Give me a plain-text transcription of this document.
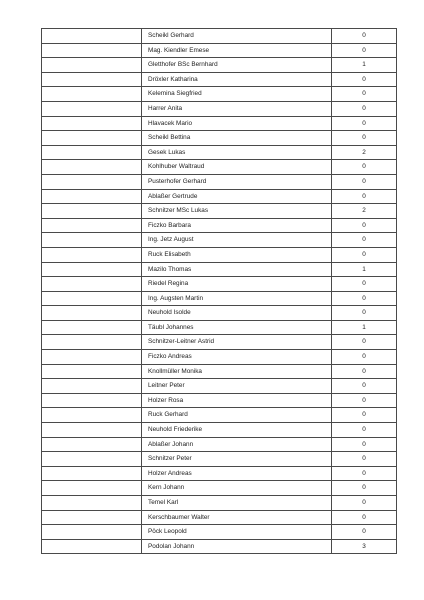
	Scheikl Gerhard	0
	Mag. Kiendler Emese	0
	Gletthofer BSc Bernhard	1
	Dröxler Katharina	0
	Kelemina Siegfried	0
	Harrer Anita	0
	Hlavacek Mario	0
	Scheikl Bettina	0
	Gesek Lukas	2
	Kohlhuber Waltraud	0
	Pusterhofer Gerhard	0
	Ablaßer Gertrude	0
	Schnitzer MSc Lukas	2
	Ficzko Barbara	0
	Ing. Jetz August	0
	Ruck Elisabeth	0
	Mazilo Thomas	1
	Riedel Regina	0
	Ing. Augsten Martin	0
	Neuhold Isolde	0
	Täubl Johannes	1
	Schnitzer-Leitner Astrid	0
	Ficzko Andreas	0
	Knollmüller Monika	0
	Leitner Peter	0
	Holzer Rosa	0
	Ruck Gerhard	0
	Neuhold Friederike	0
	Ablaßer Johann	0
	Schnitzer Peter	0
	Holzer Andreas	0
	Kern Johann	0
	Temel Karl	0
	Kerschbaumer Walter	0
	Pöck Leopold	0
	Podolan Johann	3
